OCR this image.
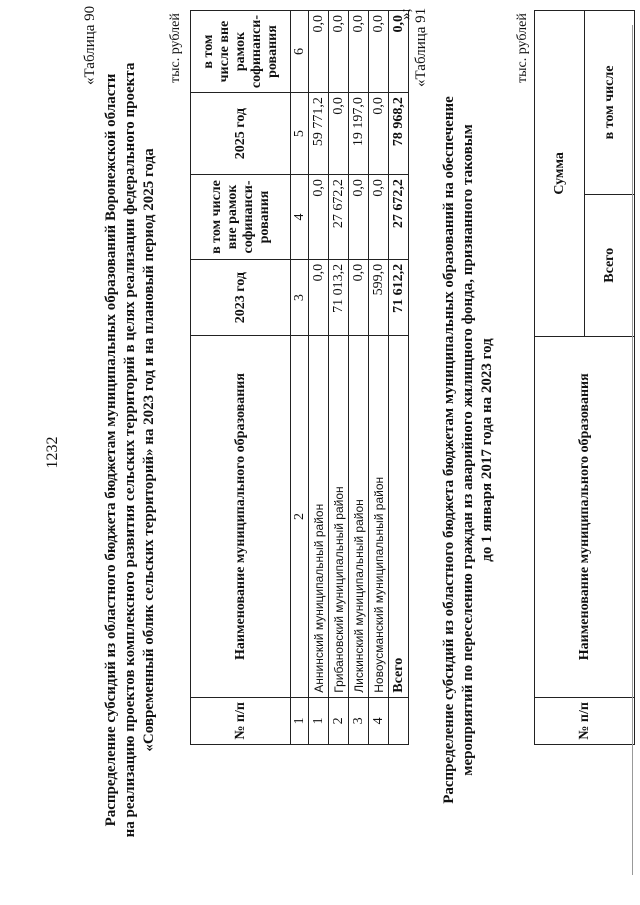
1232
«Таблица 90
Распределение субсидий из областного бюджета бюджетам муниципальных образований Воронежской области на реализацию проектов комплексного развития сельских территорий в целях реализации федерального проекта «Современный облик сельских территорий» на 2023 год и на плановый период 2025 года
тыс. рублей
№ п/п	Наименование муниципального образования	2023 год	в том числе вне рамок софинанси-рования	2025 год	в том числе вне рамок софинанси-рования
1	2	3	4	5	6
1	Аннинский муниципальный район	0,0	0,0	59 771,2	0,0
2	Грибановский муниципальный район	71 013,2	27 672,2	0,0	0,0
3	Лискинский муниципальный район	0,0	0,0	19 197,0	0,0
4	Новоусманский муниципальный район	599,0	0,0	0,0	0,0
	Всего	71 612,2	27 672,2	78 968,2	0,0
»; «Таблица 91
Распределение субсидий из областного бюджета бюджетам муниципальных образований на обеспечение мероприятий по переселению граждан из аварийного жилищного фонда, признанного таковым до 1 января 2017 года на 2023 год
тыс. рублей
№ п/п	Наименование муниципального образования	Сумма	
		Всего	в том числе
